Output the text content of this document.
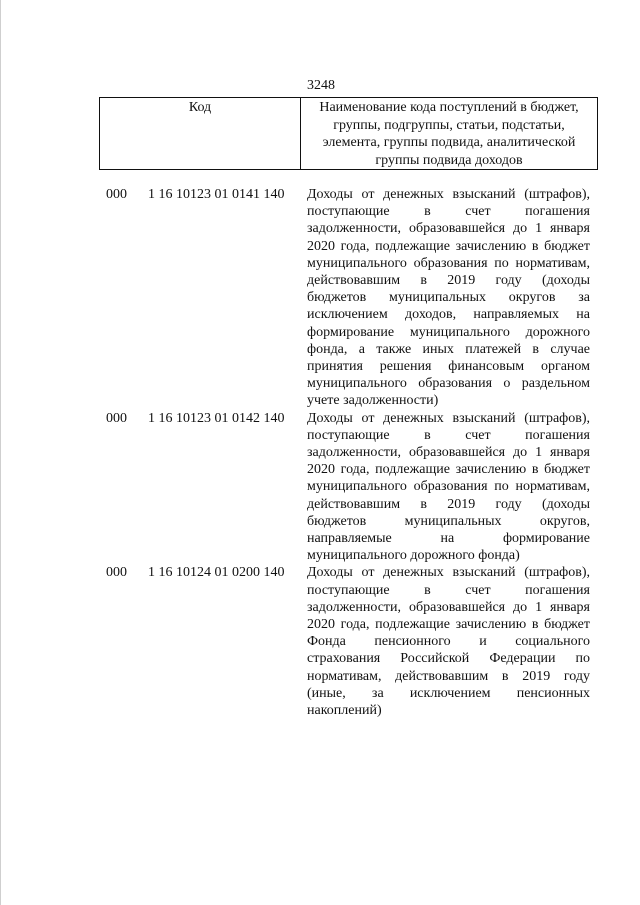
3248
Код	Наименование кода поступлений в бюджет,
группы, подгруппы, статьи, подстатьи,
элемента, группы подвида, аналитической
группы подвида доходов
000 1 16 10123 01 0141 140 Доходы от денежных взысканий (штрафов),
поступающие в счет погашения
задолженности, образовавшейся до 1 января
2020 года, подлежащие зачислению в бюджет
муниципального образования по нормативам,
действовавшим в 2019 году (доходы
бюджетов муниципальных округов за
исключением доходов, направляемых на
формирование муниципального дорожного
фонда, а также иных платежей в случае
принятия решения финансовым органом
муниципального образования о раздельном
учете задолженности)
000 1 16 10123 01 0142 140 Доходы от денежных взысканий (штрафов),
поступающие в счет погашения
задолженности, образовавшейся до 1 января
2020 года, подлежащие зачислению в бюджет
муниципального образования по нормативам,
действовавшим в 2019 году (доходы
бюджетов муниципальных округов,
направляемые на формирование
муниципального дорожного фонда)
000 1 16 10124 01 0200 140 Доходы от денежных взысканий (штрафов),
поступающие в счет погашения
задолженности, образовавшейся до 1 января
2020 года, подлежащие зачислению в бюджет
Фонда пенсионного и социального
страхования Российской Федерации по
нормативам, действовавшим в 2019 году
(иные, за исключением пенсионных
накоплений)
